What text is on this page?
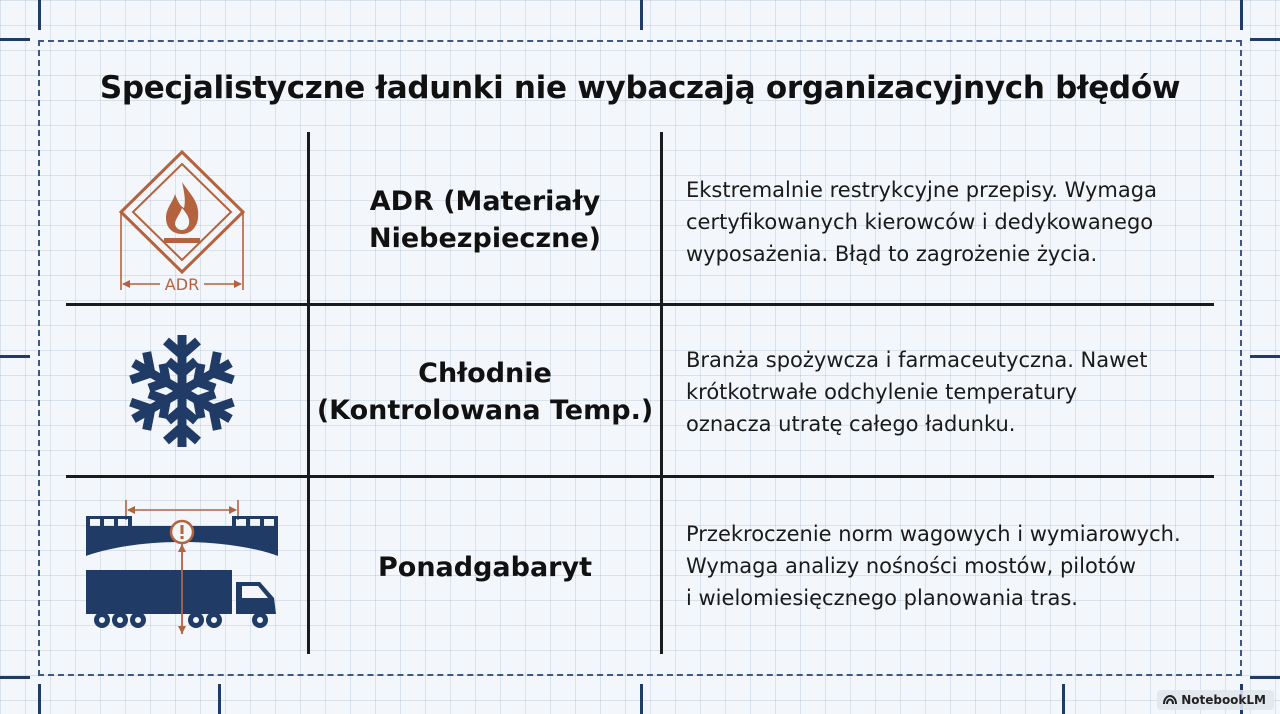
Specjalistyczne ładunki nie wybaczają organizacyjnych błędów
ADR
ADR (Materiały
Niebezpieczne)
Ekstremalnie restrykcyjne przepisy. Wymaga
certyfikowanych kierowców i dedykowanego
wyposażenia. Błąd to zagrożenie życia.
Chłodnie
(Kontrolowana Temp.)
Branża spożywcza i farmaceutyczna. Nawet
krótkotrwałe odchylenie temperatury
oznacza utratę całego ładunku.
Ponadgabaryt
Przekroczenie norm wagowych i wymiarowych.
Wymaga analizy nośności mostów, pilotów
i wielomiesięcznego planowania tras.
NotebookLM
